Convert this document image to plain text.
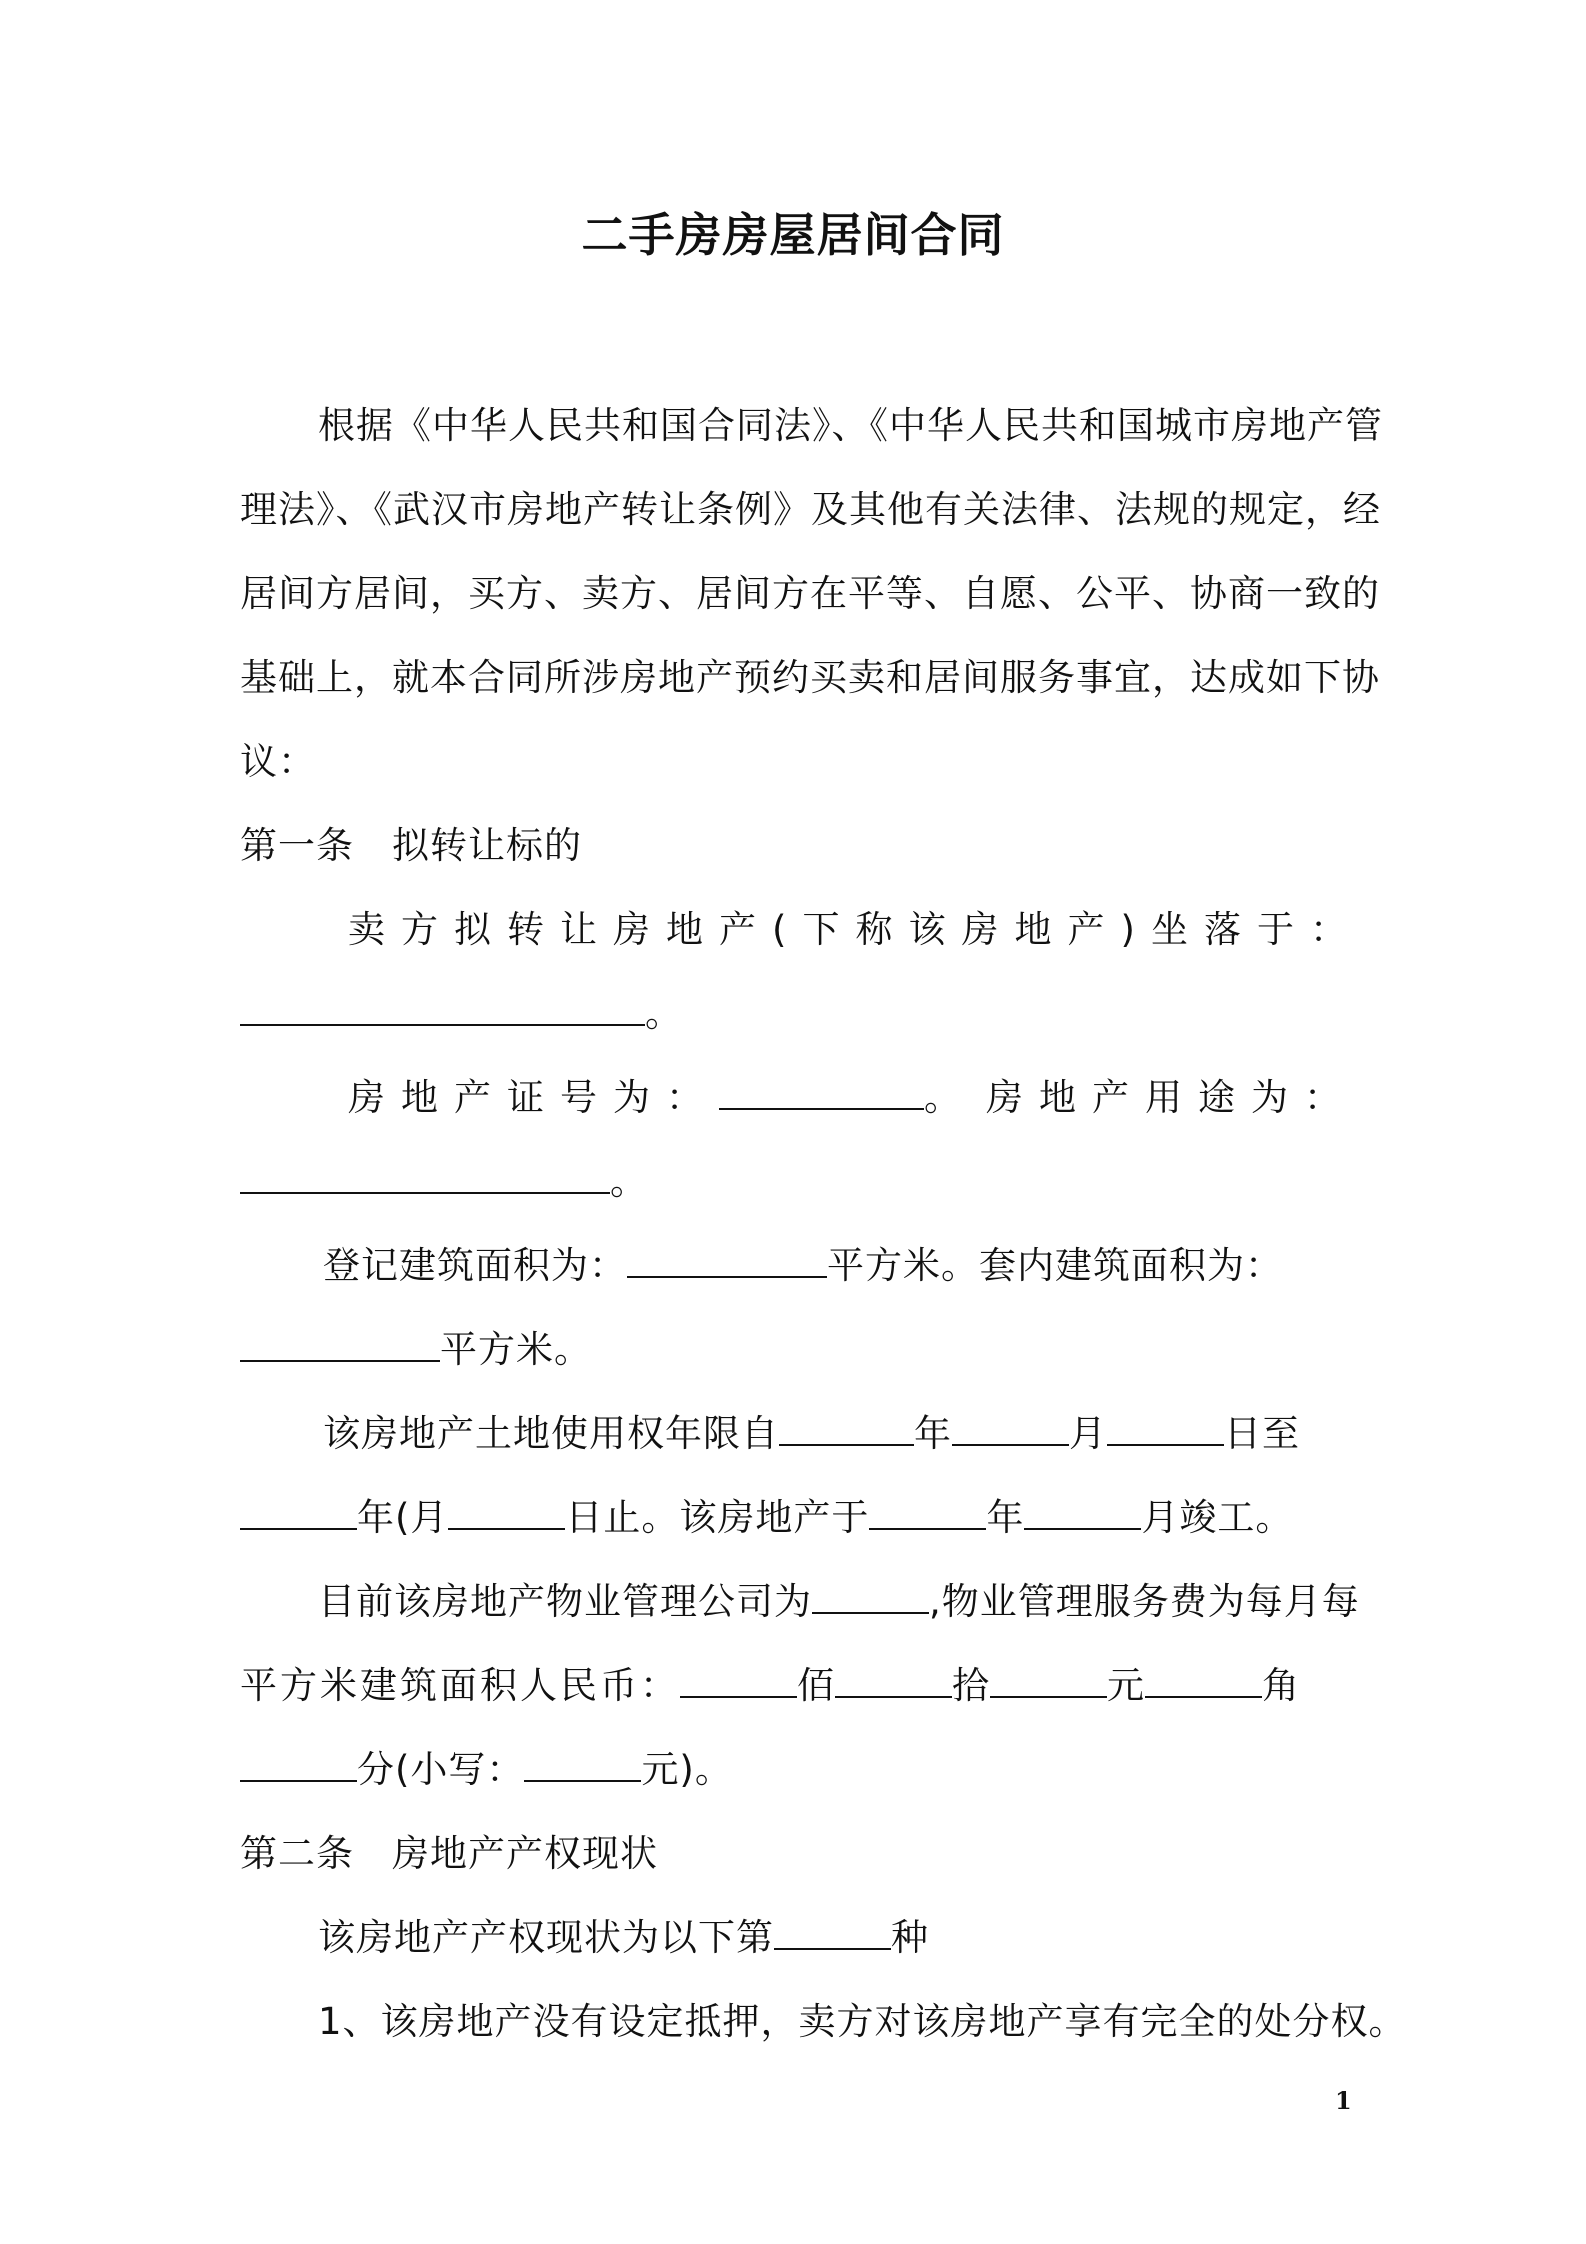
二手房房屋居间合同
根据《中华人民共和国合同法》、《中华人民共和国城市房地产管
理法》、《武汉市房地产转让条例》及其他有关法律、法规的规定，经
居间方居间，买方、卖方、居间方在平等、自愿、公平、协商一致的
基础上，就本合同所涉房地产预约买卖和居间服务事宜，达成如下协
议：
第一条　拟转让标的
卖方拟转让房地产(下称该房地产)坐落于：
。
房地产证号为：	。 房地产用途为：
。
登记建筑面积为：	平方米。套内建筑面积为：
平方米。
该房地产土地使用权年限自	年	月	日至
年(月	日止。该房地产于	年	月竣工。
目前该房地产物业管理公司为	,物业管理服务费为每月每
平方米建筑面积人民币：	佰	拾	元	角
分(小写：	元)。
第二条　房地产产权现状
该房地产产权现状为以下第	种
1、该房地产没有设定抵押，卖方对该房地产享有完全的处分权。
1
